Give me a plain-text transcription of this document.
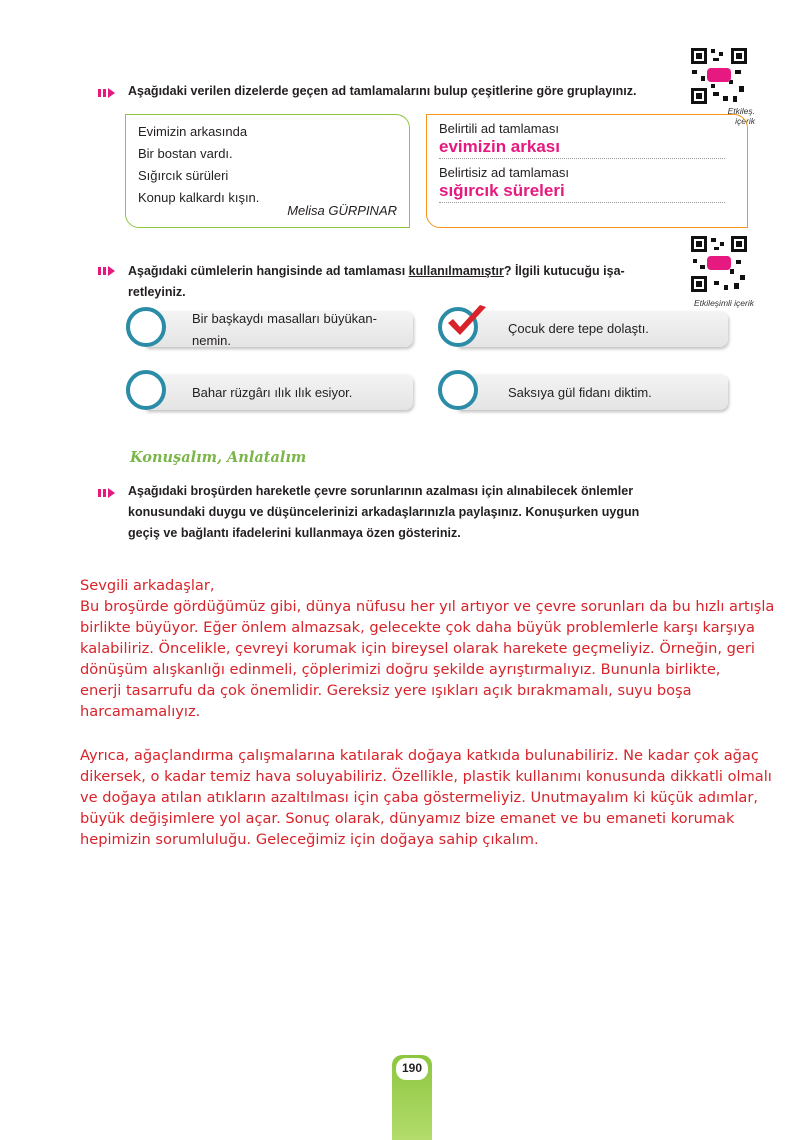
Aşağıdaki verilen dizelerde geçen ad tamlamalarını bulup çeşitlerine göre gruplayınız.
Etkileş.
içerik
Evimizin arkasında
Bir bostan vardı.
Sığırcık sürüleri
Konup kalkardı kışın.
Melisa GÜRPINAR
Belirtili ad tamlaması
evimizin arkası
Belirtisiz ad tamlaması
sığırcık süreleri
Aşağıdaki cümlelerin hangisinde ad tamlaması kullanılmamıştır? İlgili kutucuğu işa-
retleyiniz.
Etkileşimli içerik
Bir başkaydı masalları büyükan-
nemin.
Çocuk dere tepe dolaştı.
Bahar rüzgârı ılık ılık esiyor.	Saksıya gül fidanı diktim.
Konuşalım, Anlatalım
Aşağıdaki broşürden hareketle çevre sorunlarının azalması için alınabilecek önlemler
konusundaki duygu ve düşüncelerinizi arkadaşlarınızla paylaşınız. Konuşurken uygun
geçiş ve bağlantı ifadelerini kullanmaya özen gösteriniz.
Sevgili arkadaşlar,
Bu broşürde gördüğümüz gibi, dünya nüfusu her yıl artıyor ve çevre sorunları da bu hızlı artışla
birlikte büyüyor. Eğer önlem almazsak, gelecekte çok daha büyük problemlerle karşı karşıya
kalabiliriz. Öncelikle, çevreyi korumak için bireysel olarak harekete geçmeliyiz. Örneğin, geri
dönüşüm alışkanlığı edinmeli, çöplerimizi doğru şekilde ayrıştırmalıyız. Bununla birlikte,
enerji tasarrufu da çok önemlidir. Gereksiz yere ışıkları açık bırakmamalı, suyu boşa
harcamamalıyız.
Ayrıca, ağaçlandırma çalışmalarına katılarak doğaya katkıda bulunabiliriz. Ne kadar çok ağaç
dikersek, o kadar temiz hava soluyabiliriz. Özellikle, plastik kullanımı konusunda dikkatli olmalı
ve doğaya atılan atıkların azaltılması için çaba göstermeliyiz. Unutmayalım ki küçük adımlar,
büyük değişimlere yol açar. Sonuç olarak, dünyamız bize emanet ve bu emaneti korumak
hepimizin sorumluluğu. Geleceğimiz için doğaya sahip çıkalım.
190
